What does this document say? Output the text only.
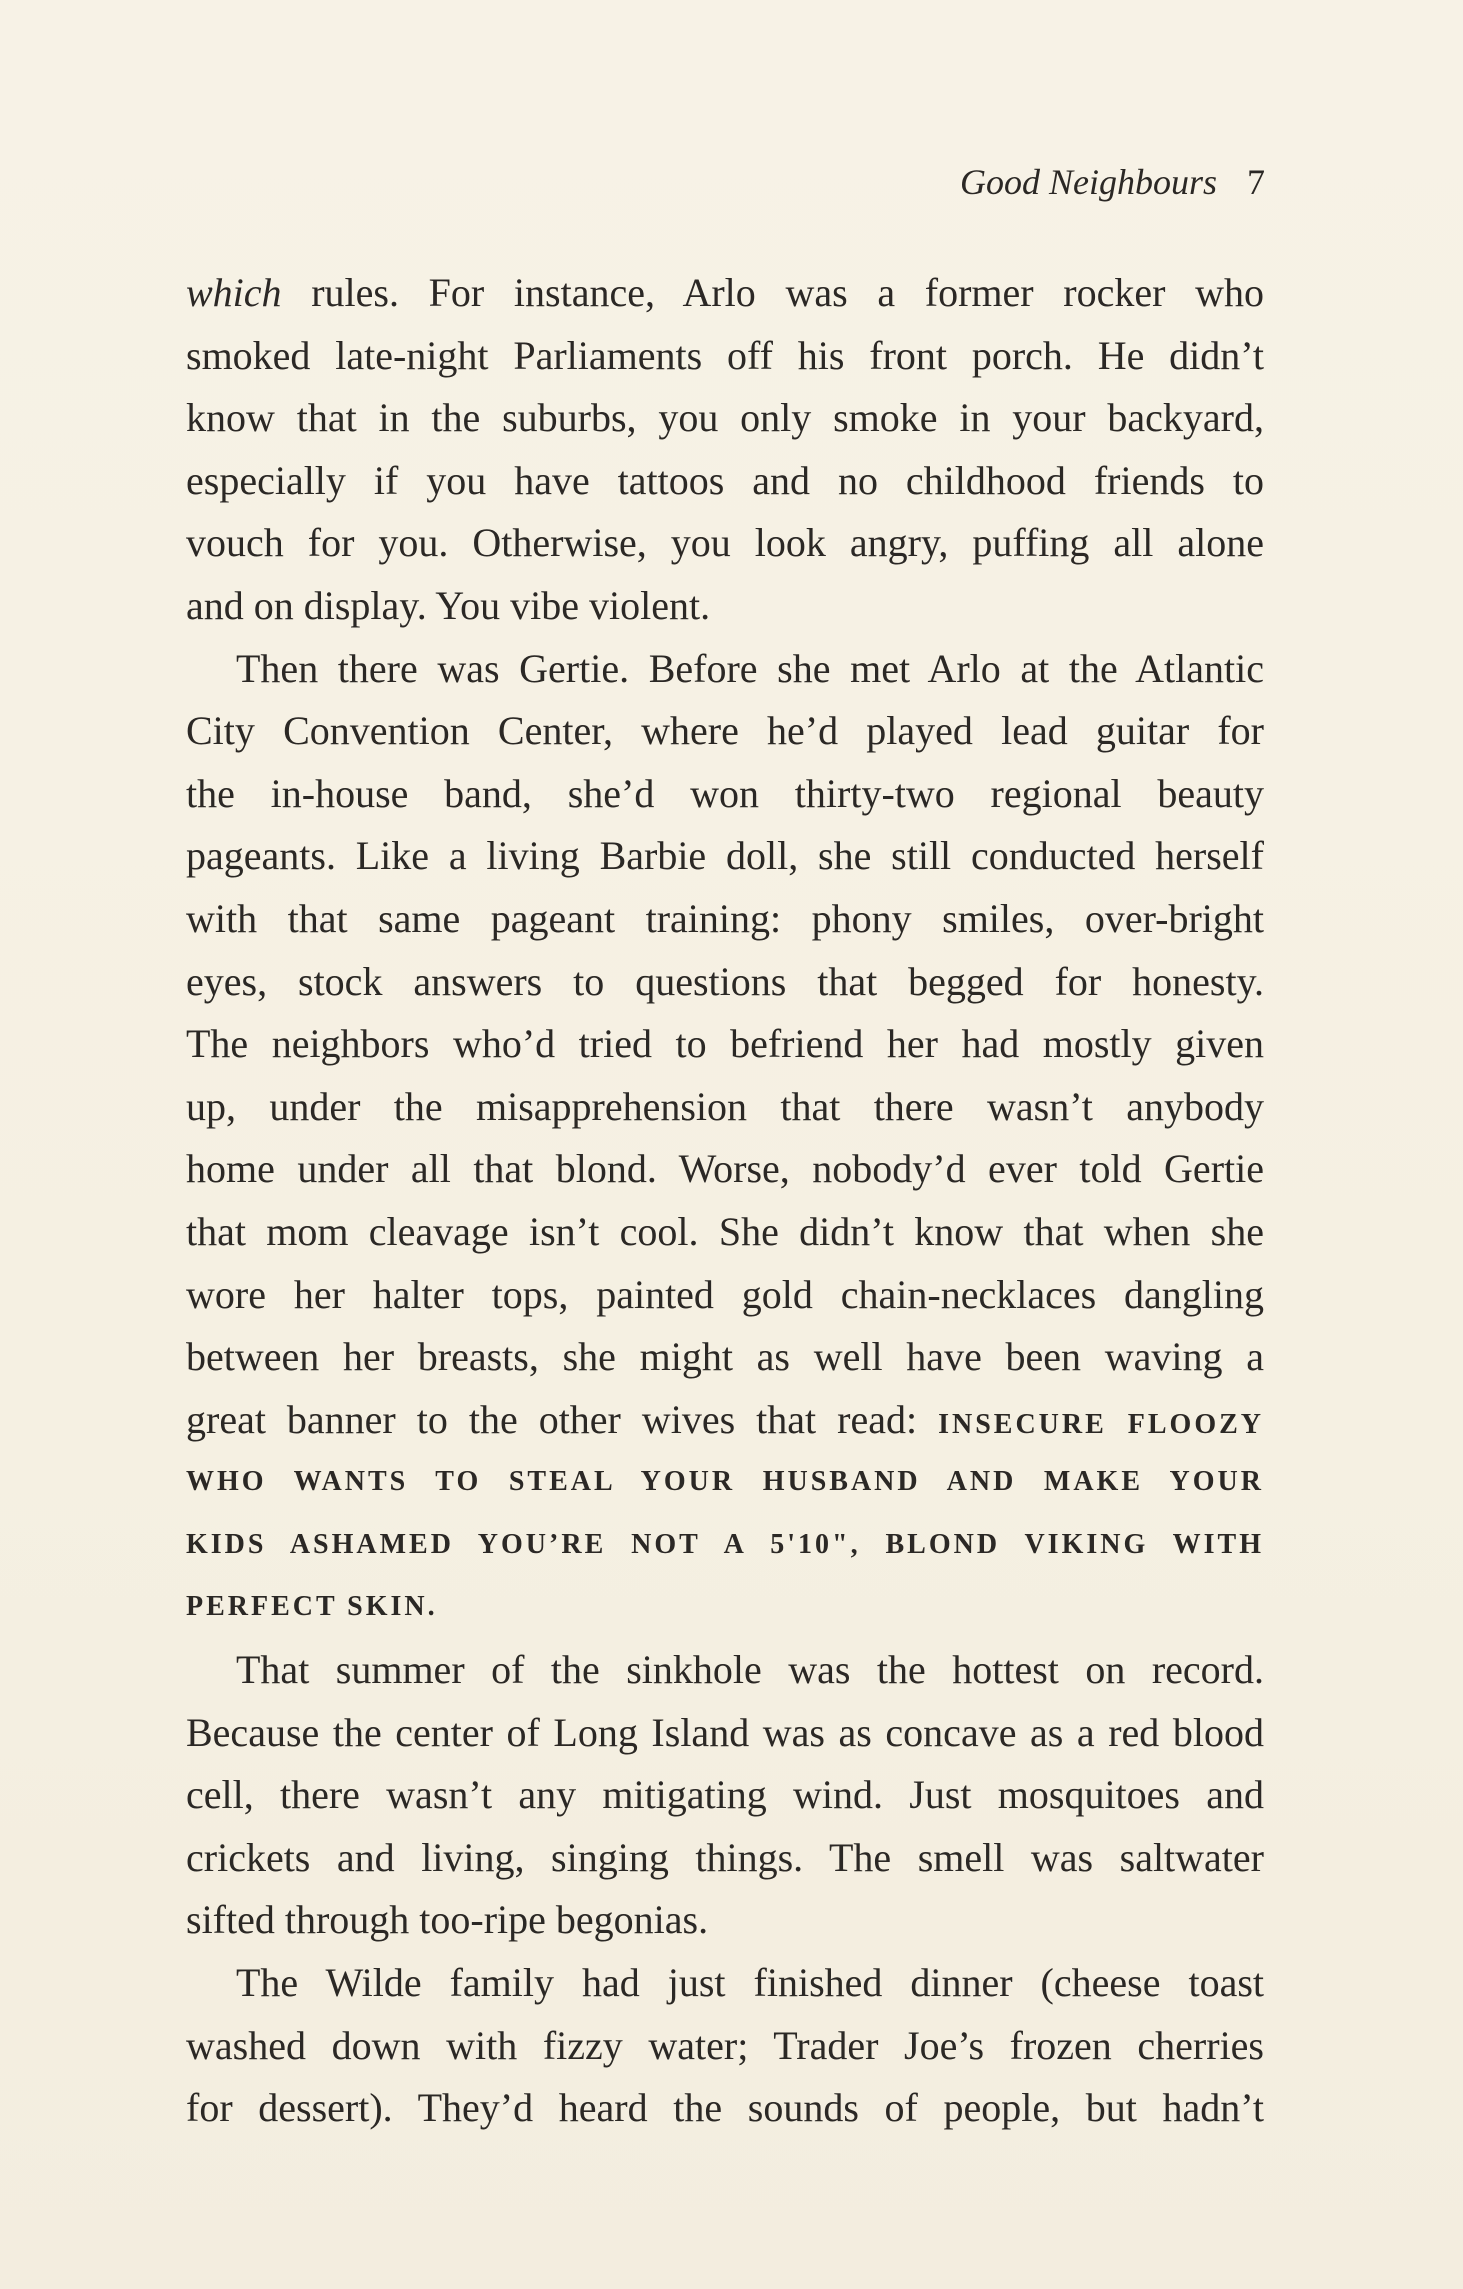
Good Neighbours 7
which rules. For instance, Arlo was a former rocker who
smoked late-night Parliaments off his front porch. He didn’t
know that in the suburbs, you only smoke in your backyard,
especially if you have tattoos and no childhood friends to
vouch for you. Otherwise, you look angry, puffing all alone
and on display. You vibe violent.
Then there was Gertie. Before she met Arlo at the Atlantic
City Convention Center, where he’d played lead guitar for
the in-house band, she’d won thirty-two regional beauty
pageants. Like a living Barbie doll, she still conducted herself
with that same pageant training: phony smiles, over-bright
eyes, stock answers to questions that begged for honesty.
The neighbors who’d tried to befriend her had mostly given
up, under the misapprehension that there wasn’t anybody
home under all that blond. Worse, nobody’d ever told Gertie
that mom cleavage isn’t cool. She didn’t know that when she
wore her halter tops, painted gold chain-necklaces dangling
between her breasts, she might as well have been waving a
great banner to the other wives that read: INSECURE FLOOZY
WHO WANTS TO STEAL YOUR HUSBAND AND MAKE YOUR
KIDS ASHAMED YOU’RE NOT A 5'10", BLOND VIKING WITH
PERFECT SKIN.
That summer of the sinkhole was the hottest on record.
Because the center of Long Island was as concave as a red blood
cell, there wasn’t any mitigating wind. Just mosquitoes and
crickets and living, singing things. The smell was saltwater
sifted through too-ripe begonias.
The Wilde family had just finished dinner (cheese toast
washed down with fizzy water; Trader Joe’s frozen cherries
for dessert). They’d heard the sounds of people, but hadn’t
